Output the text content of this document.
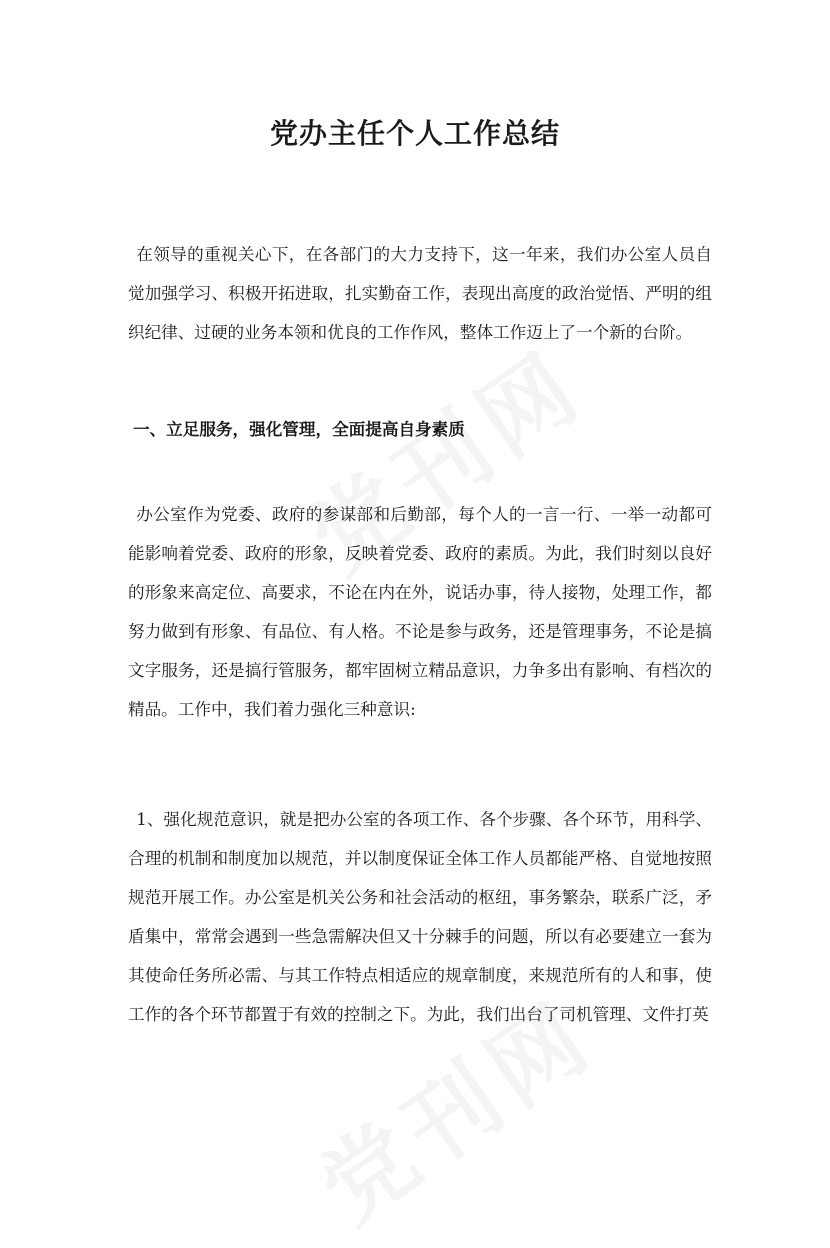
党办主任个人工作总结

在领导的重视关心下，在各部门的大力支持下，这一年来，我们办公室人员自觉加强学习、积极开拓进取，扎实勤奋工作，表现出高度的政治觉悟、严明的组织纪律、过硬的业务本领和优良的工作作风，整体工作迈上了一个新的台阶。

一、立足服务，强化管理，全面提高自身素质

办公室作为党委、政府的参谋部和后勤部，每个人的一言一行、一举一动都可能影响着党委、政府的形象，反映着党委、政府的素质。为此，我们时刻以良好的形象来高定位、高要求，不论在内在外，说话办事，待人接物，处理工作，都努力做到有形象、有品位、有人格。不论是参与政务，还是管理事务，不论是搞文字服务，还是搞行管服务，都牢固树立精品意识，力争多出有影响、有档次的精品。工作中，我们着力强化三种意识:

1、强化规范意识，就是把办公室的各项工作、各个步骤、各个环节，用科学、合理的机制和制度加以规范，并以制度保证全体工作人员都能严格、自觉地按照规范开展工作。办公室是机关公务和社会活动的枢纽，事务繁杂，联系广泛，矛盾集中，常常会遇到一些急需解决但又十分棘手的问题，所以有必要建立一套为其使命任务所必需、与其工作特点相适应的规章制度，来规范所有的人和事，使工作的各个环节都置于有效的控制之下。为此，我们出台了司机管理、文件打英
